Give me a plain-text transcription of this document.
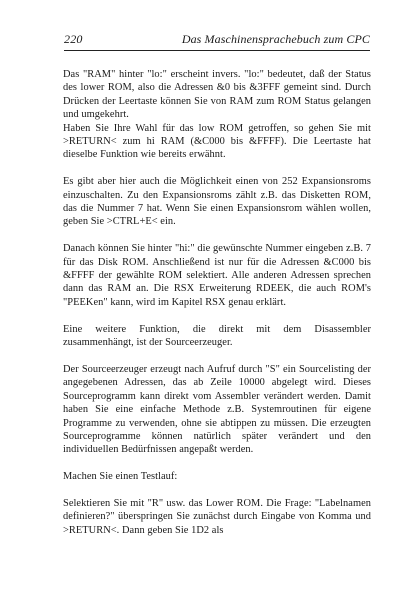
220	Das Maschinensprachebuch zum CPC

Das "RAM" hinter "lo:" erscheint invers. "lo:" bedeutet, daß der Status des lower ROM, also die Adressen &0 bis &3FFF gemeint sind. Durch Drücken der Leertaste können Sie von RAM zum ROM Status gelangen und umgekehrt.

Haben Sie Ihre Wahl für das low ROM getroffen, so gehen Sie mit >RETURN< zum hi RAM (&C000 bis &FFFF). Die Leertaste hat dieselbe Funktion wie bereits erwähnt.

Es gibt aber hier auch die Möglichkeit einen von 252 Expansionsroms einzuschalten. Zu den Expansionsroms zählt z.B. das Disketten ROM, das die Nummer 7 hat. Wenn Sie einen Expansionsrom wählen wollen, geben Sie >CTRL+E< ein.

Danach können Sie hinter "hi:" die gewünschte Nummer eingeben z.B. 7 für das Disk ROM. Anschließend ist nur für die Adressen &C000 bis &FFFF der gewählte ROM selektiert. Alle anderen Adressen sprechen dann das RAM an. Die RSX Erweiterung RDEEK, die auch ROM's "PEEKen" kann, wird im Kapitel RSX genau erklärt.

Eine weitere Funktion, die direkt mit dem Disassembler zusammenhängt, ist der Sourceerzeuger.

Der Sourceerzeuger erzeugt nach Aufruf durch "S" ein Sourcelisting der angegebenen Adressen, das ab Zeile 10000 abgelegt wird. Dieses Sourceprogramm kann direkt vom Assembler verändert werden. Damit haben Sie eine einfache Methode z.B. Systemroutinen für eigene Programme zu verwenden, ohne sie abtippen zu müssen. Die erzeugten Sourceprogramme können natürlich später verändert und den individuellen Bedürfnissen angepaßt werden.

Machen Sie einen Testlauf:

Selektieren Sie mit "R" usw. das Lower ROM. Die Frage: "Labelnamen definieren?" überspringen Sie zunächst durch Eingabe von Komma und >RETURN<. Dann geben Sie 1D2 als
